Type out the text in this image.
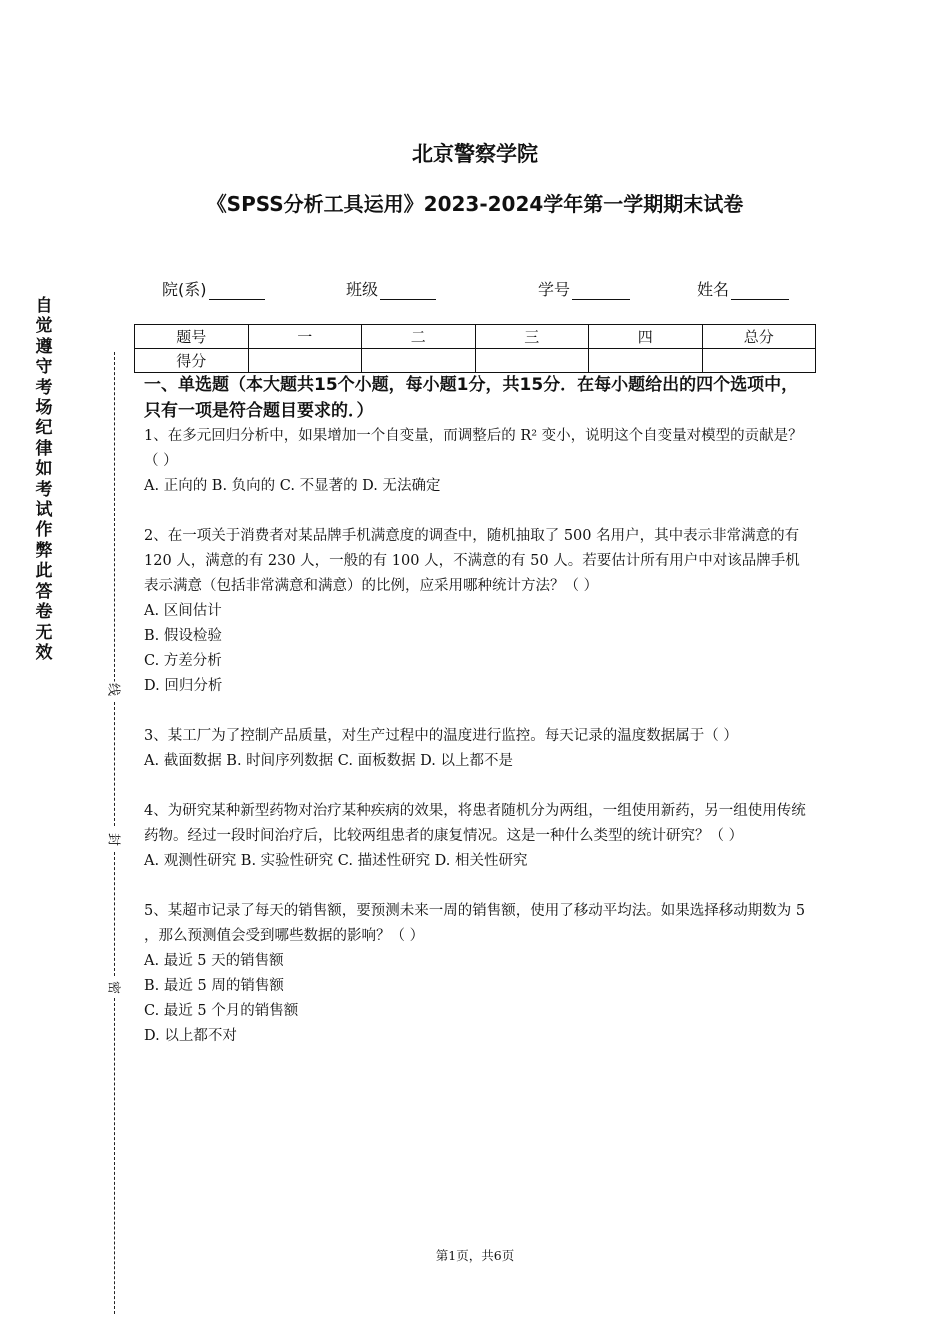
北京警察学院
《SPSS分析工具运用》2023-2024学年第一学期期末试卷
院(系)	班级	学号	姓名
题号	一	二	三	四	总分
得分					
自
觉
遵
守
考
场
纪
律
如
考
试
作
弊
此
答
卷
无
效
线
封
密

一、单选题（本大题共15个小题，每小题1分，共15分．在每小题给出的四个选项中，只有一项是符合题目要求的．）

1、在多元回归分析中，如果增加一个自变量，而调整后的 R² 变小，说明这个自变量对模型的贡献是？（ ）

A. 正向的 B. 负向的 C. 不显著的 D. 无法确定

2、在一项关于消费者对某品牌手机满意度的调查中，随机抽取了 500 名用户，其中表示非常满意的有 120 人，满意的有 230 人，一般的有 100 人，不满意的有 50 人。若要估计所有用户中对该品牌手机表示满意（包括非常满意和满意）的比例，应采用哪种统计方法？（ ）

A. 区间估计

B. 假设检验

C. 方差分析

D. 回归分析

3、某工厂为了控制产品质量，对生产过程中的温度进行监控。每天记录的温度数据属于（ ）

A. 截面数据 B. 时间序列数据 C. 面板数据 D. 以上都不是

4、为研究某种新型药物对治疗某种疾病的效果，将患者随机分为两组，一组使用新药，另一组使用传统药物。经过一段时间治疗后，比较两组患者的康复情况。这是一种什么类型的统计研究？（ ）

A. 观测性研究 B. 实验性研究 C. 描述性研究 D. 相关性研究

5、某超市记录了每天的销售额，要预测未来一周的销售额，使用了移动平均法。如果选择移动期数为 5 ，那么预测值会受到哪些数据的影响？（ ）

A. 最近 5 天的销售额

B. 最近 5 周的销售额

C. 最近 5 个月的销售额

D. 以上都不对

第1页，共6页
